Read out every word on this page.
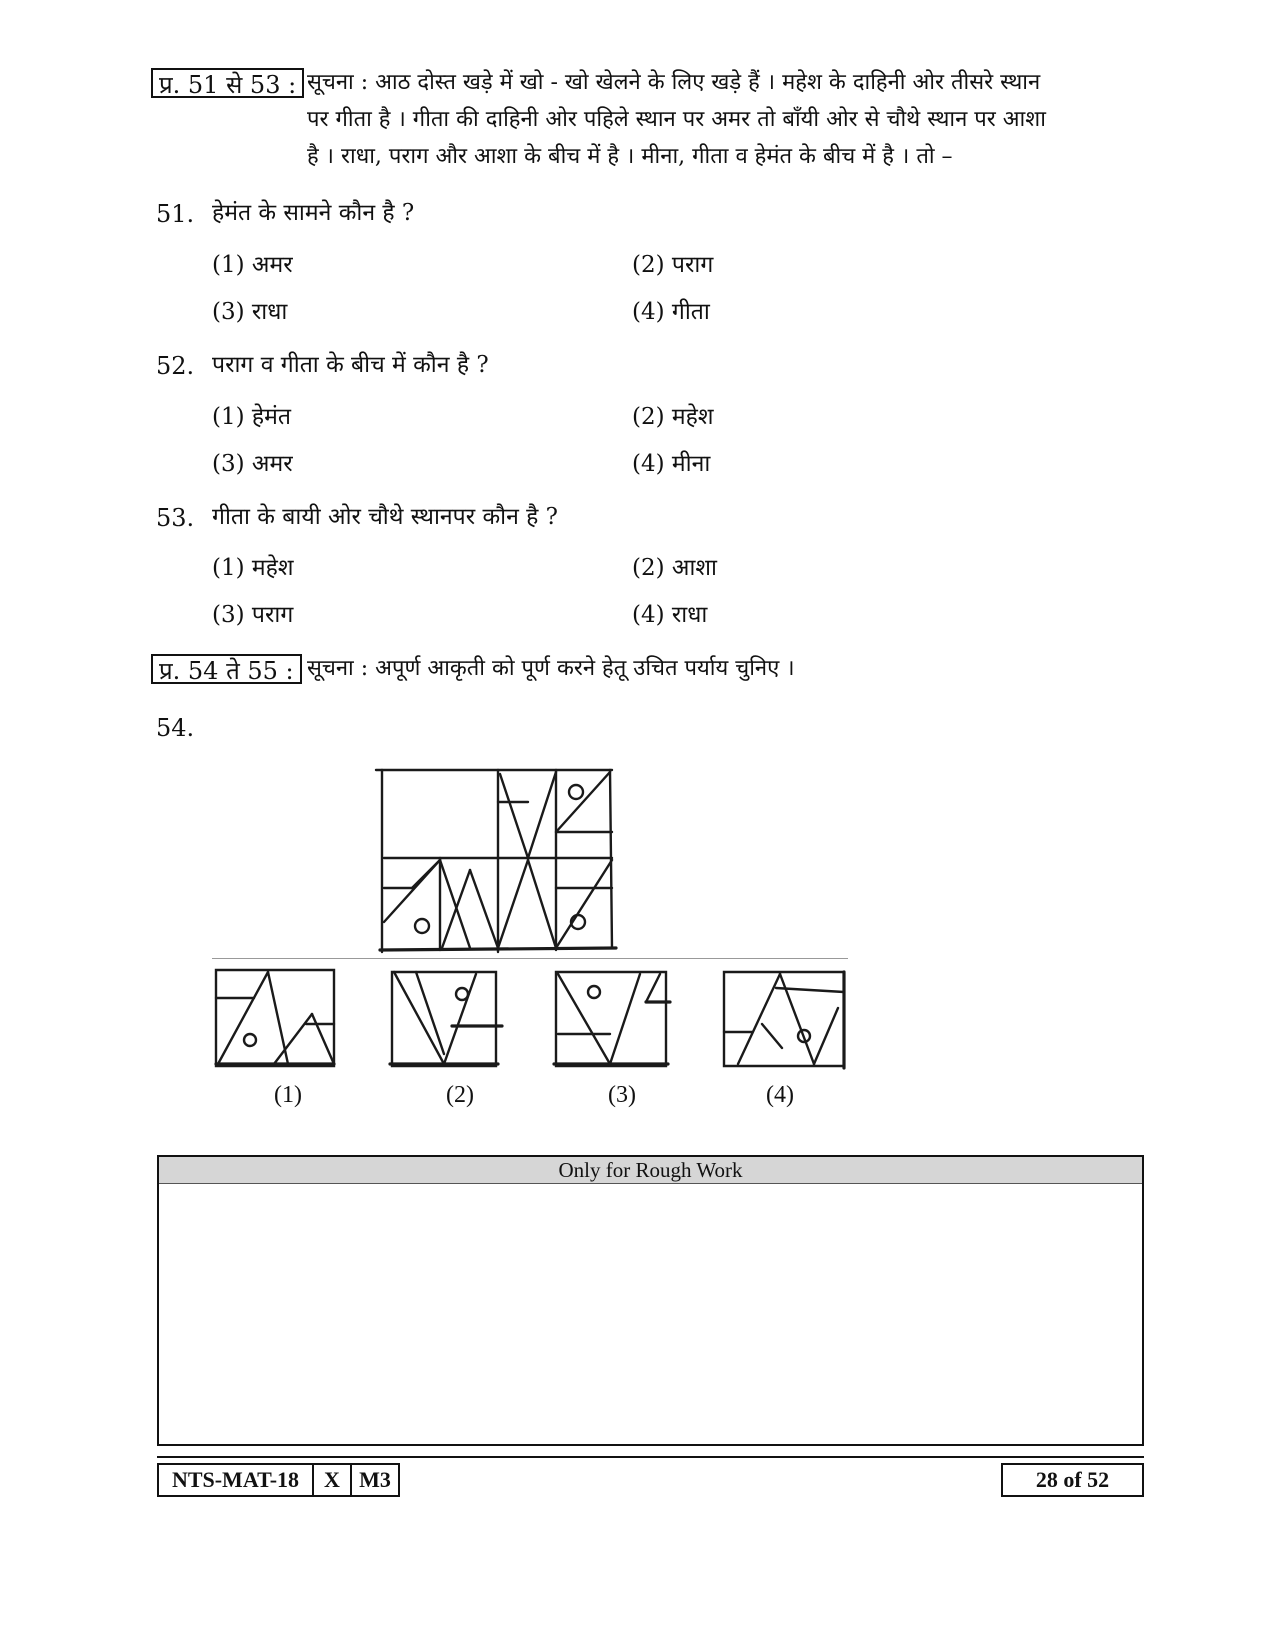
प्र. 51 से 53 : सूचना : आठ दोस्त खड़े में खो - खो खेलने के लिए खड़े हैं । महेश के दाहिनी ओर तीसरे स्थान
पर गीता है । गीता की दाहिनी ओर पहिले स्थान पर अमर तो बाँयी ओर से चौथे स्थान पर आशा
है । राधा, पराग और आशा के बीच में है । मीना, गीता व हेमंत के बीच में है । तो –
51. हेमंत के सामने कौन है ?
(1) अमर	(2) पराग
(3) राधा	(4) गीता
52. पराग व गीता के बीच में कौन है ?
(1) हेमंत	(2) महेश
(3) अमर	(4) मीना
53. गीता के बायी ओर चौथे स्थानपर कौन है ?
(1) महेश	(2) आशा
(3) पराग	(4) राधा
प्र. 54 ते 55 : सूचना : अपूर्ण आकृती को पूर्ण करने हेतू उचित पर्याय चुनिए ।
54.
(1)	(2)	(3)	(4)
Only for Rough Work
NTS-MAT-18	X M3	28 of 52
